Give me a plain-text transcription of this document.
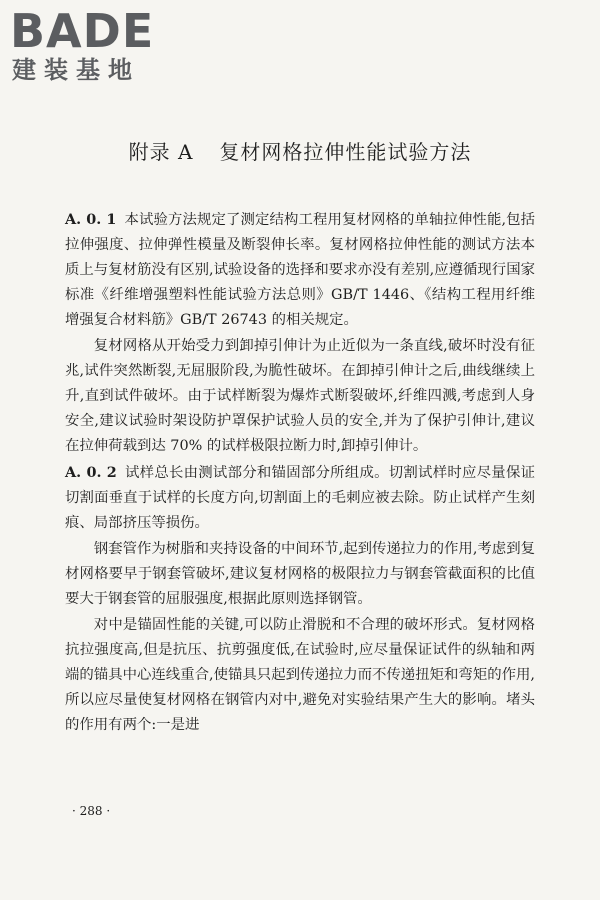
BADE
建装基地
附录 A 复材网格拉伸性能试验方法

A. 0. 1 本试验方法规定了测定结构工程用复材网格的单轴拉伸性能,包括拉伸强度、拉伸弹性模量及断裂伸长率。复材网格拉伸性能的测试方法本质上与复材筋没有区别,试验设备的选择和要求亦没有差别,应遵循现行国家标准《纤维增强塑料性能试验方法总则》GB/T 1446、《结构工程用纤维增强复合材料筋》GB/T 26743 的相关规定。

复材网格从开始受力到卸掉引伸计为止近似为一条直线,破坏时没有征兆,试件突然断裂,无屈服阶段,为脆性破坏。在卸掉引伸计之后,曲线继续上升,直到试件破坏。由于试样断裂为爆炸式断裂破坏,纤维四溅,考虑到人身安全,建议试验时架设防护罩保护试验人员的安全,并为了保护引伸计,建议在拉伸荷载到达 70% 的试样极限拉断力时,卸掉引伸计。

A. 0. 2 试样总长由测试部分和锚固部分所组成。切割试样时应尽量保证切割面垂直于试样的长度方向,切割面上的毛刺应被去除。防止试样产生刻痕、局部挤压等损伤。

钢套管作为树脂和夹持设备的中间环节,起到传递拉力的作用,考虑到复材网格要早于钢套管破坏,建议复材网格的极限拉力与钢套管截面积的比值要大于钢套管的屈服强度,根据此原则选择钢管。

对中是锚固性能的关键,可以防止滑脱和不合理的破坏形式。复材网格抗拉强度高,但是抗压、抗剪强度低,在试验时,应尽量保证试件的纵轴和两端的锚具中心连线重合,使锚具只起到传递拉力而不传递扭矩和弯矩的作用,所以应尽量使复材网格在钢管内对中,避免对实验结果产生大的影响。堵头的作用有两个:一是进

· 288 ·
